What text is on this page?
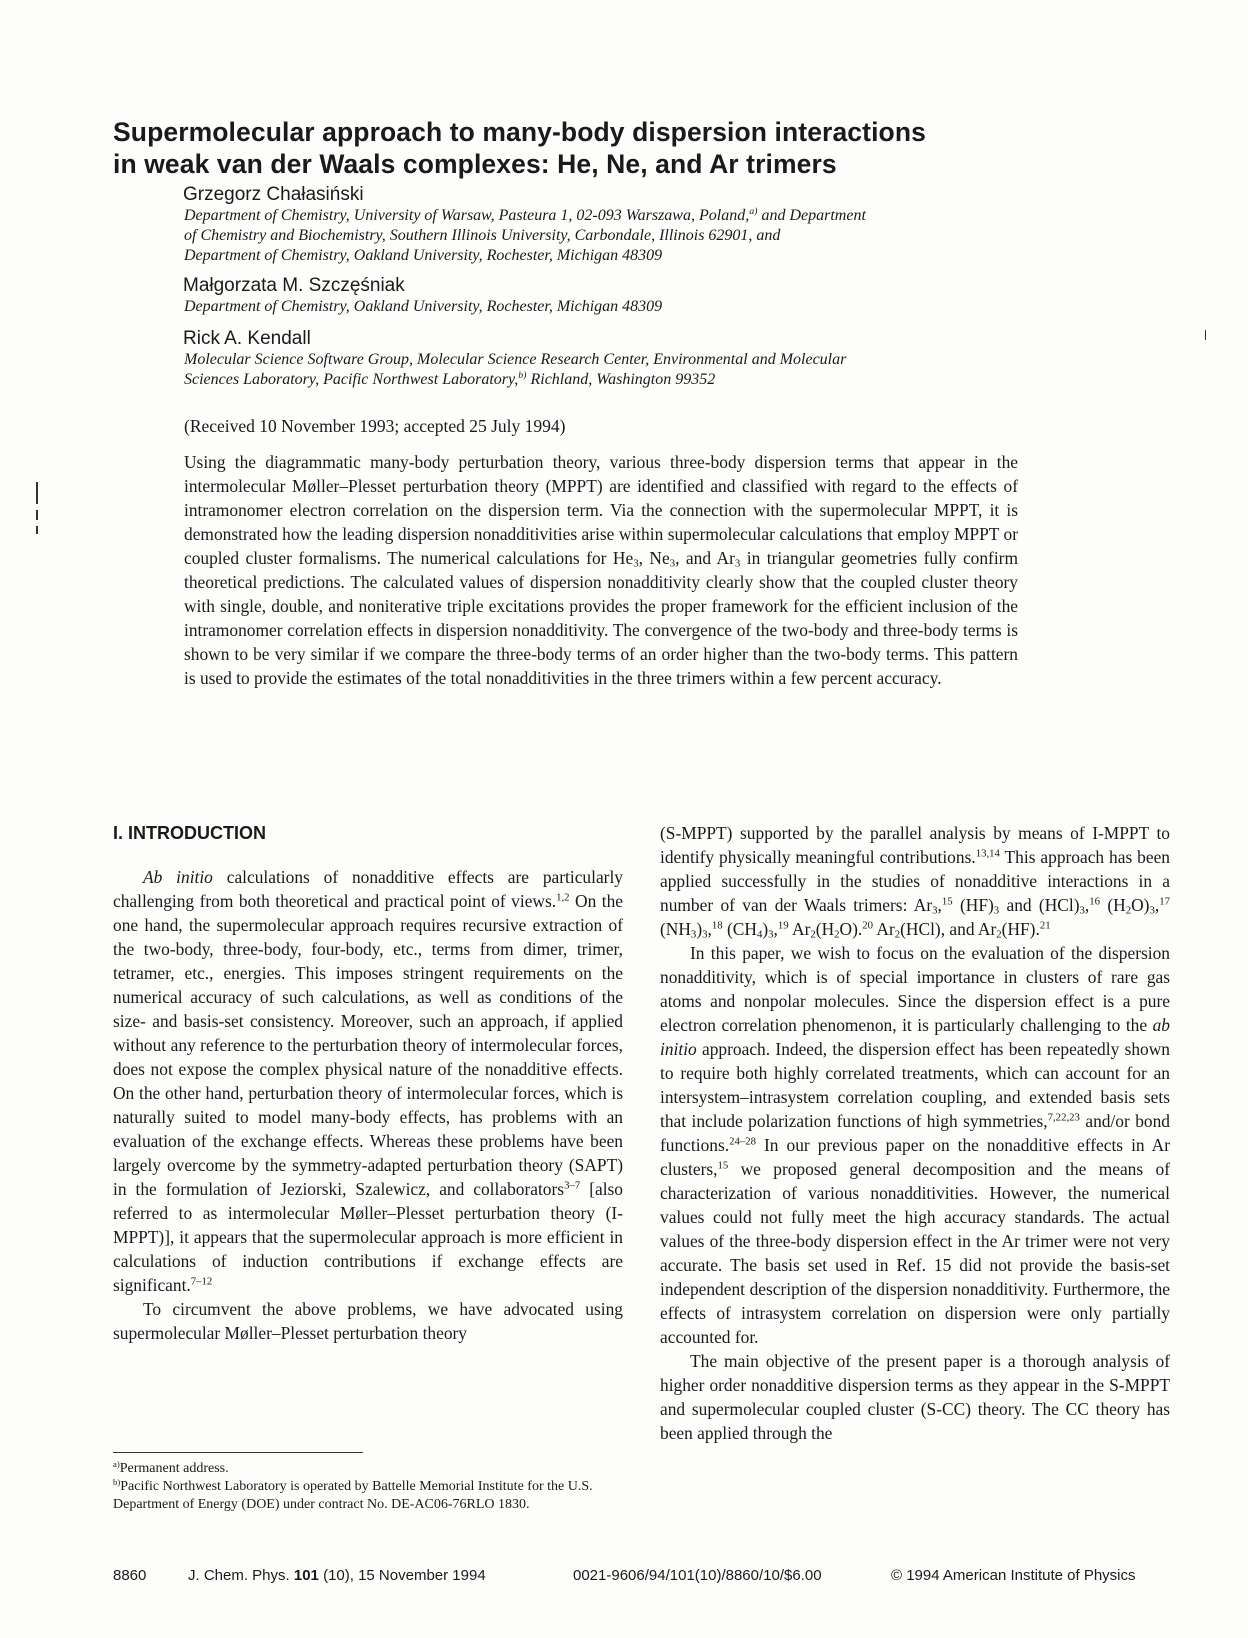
Supermolecular approach to many-body dispersion interactions
in weak van der Waals complexes: He, Ne, and Ar trimers
Grzegorz Chałasiński
Department of Chemistry, University of Warsaw, Pasteura 1, 02-093 Warszawa, Poland,$^{a)}$ and Department
of Chemistry and Biochemistry, Southern Illinois University, Carbondale, Illinois 62901, and
Department of Chemistry, Oakland University, Rochester, Michigan 48309
Małgorzata M. Szczęśniak
Department of Chemistry, Oakland University, Rochester, Michigan 48309
Rick A. Kendall
Molecular Science Software Group, Molecular Science Research Center, Environmental and Molecular
Sciences Laboratory, Pacific Northwest Laboratory,$^{b)}$ Richland, Washington 99352
(Received 10 November 1993; accepted 25 July 1994)
Using the diagrammatic many-body perturbation theory, various three-body dispersion terms that appear in the intermolecular Møller–Plesset perturbation theory (MPPT) are identified and classified with regard to the effects of intramonomer electron correlation on the dispersion term. Via the connection with the supermolecular MPPT, it is demonstrated how the leading dispersion nonadditivities arise within supermolecular calculations that employ MPPT or coupled cluster formalisms. The numerical calculations for $He_3$, $Ne_3$, and $Ar_3$ in triangular geometries fully confirm theoretical predictions. The calculated values of dispersion nonadditivity clearly show that the coupled cluster theory with single, double, and noniterative triple excitations provides the proper framework for the efficient inclusion of the intramonomer correlation effects in dispersion nonadditivity. The convergence of the two-body and three-body terms is shown to be very similar if we compare the three-body terms of an order higher than the two-body terms. This pattern is used to provide the estimates of the total nonadditivities in the three trimers within a few percent accuracy.
I. INTRODUCTION

Ab initio calculations of nonadditive effects are particularly challenging from both theoretical and practical point of views.$^{1,2}$ On the one hand, the supermolecular approach requires recursive extraction of the two-body, three-body, four-body, etc., terms from dimer, trimer, tetramer, etc., energies. This imposes stringent requirements on the numerical accuracy of such calculations, as well as conditions of the size- and basis-set consistency. Moreover, such an approach, if applied without any reference to the perturbation theory of intermolecular forces, does not expose the complex physical nature of the nonadditive effects. On the other hand, perturbation theory of intermolecular forces, which is naturally suited to model many-body effects, has problems with an evaluation of the exchange effects. Whereas these problems have been largely overcome by the symmetry-adapted perturbation theory (SAPT) in the formulation of Jeziorski, Szalewicz, and collaborators$^{3-7}$ [also referred to as intermolecular Møller–Plesset perturbation theory (I-MPPT)], it appears that the supermolecular approach is more efficient in calculations of induction contributions if exchange effects are significant.$^{7-12}$

To circumvent the above problems, we have advocated using supermolecular Møller–Plesset perturbation theory

(S-MPPT) supported by the parallel analysis by means of I-MPPT to identify physically meaningful contributions.$^{13,14}$ This approach has been applied successfully in the studies of nonadditive interactions in a number of van der Waals trimers: $Ar_3,^{15}$ $(HF)_3$ and $(HCl)_3,^{16}$ $(H_2O)_3,^{17}$ $(NH_3)_3,^{18}$ $(CH_4)_3,^{19}$ $Ar_2(H_2O).^{20}$ $Ar_2(HCl)$, and $Ar_2(HF).^{21}$

In this paper, we wish to focus on the evaluation of the dispersion nonadditivity, which is of special importance in clusters of rare gas atoms and nonpolar molecules. Since the dispersion effect is a pure electron correlation phenomenon, it is particularly challenging to the ab initio approach. Indeed, the dispersion effect has been repeatedly shown to require both highly correlated treatments, which can account for an intersystem–intrasystem correlation coupling, and extended basis sets that include polarization functions of high symmetries,$^{7,22,23}$ and/or bond functions.$^{24-28}$ In our previous paper on the nonadditive effects in Ar clusters,$^{15}$ we proposed general decomposition and the means of characterization of various nonadditivities. However, the numerical values could not fully meet the high accuracy standards. The actual values of the three-body dispersion effect in the Ar trimer were not very accurate. The basis set used in Ref. 15 did not provide the basis-set independent description of the dispersion nonadditivity. Furthermore, the effects of intrasystem correlation on dispersion were only partially accounted for.

The main objective of the present paper is a thorough analysis of higher order nonadditive dispersion terms as they appear in the S-MPPT and supermolecular coupled cluster (S-CC) theory. The CC theory has been applied through the

$^{a)}$Permanent address.
$^{b)}$Pacific Northwest Laboratory is operated by Battelle Memorial Institute for the U.S. Department of Energy (DOE) under contract No. DE-AC06-76RLO 1830.
8860	J. Chem. Phys. 101 (10), 15 November 1994	0021-9606/94/101(10)/8860/10/$6.00	© 1994 American Institute of Physics
